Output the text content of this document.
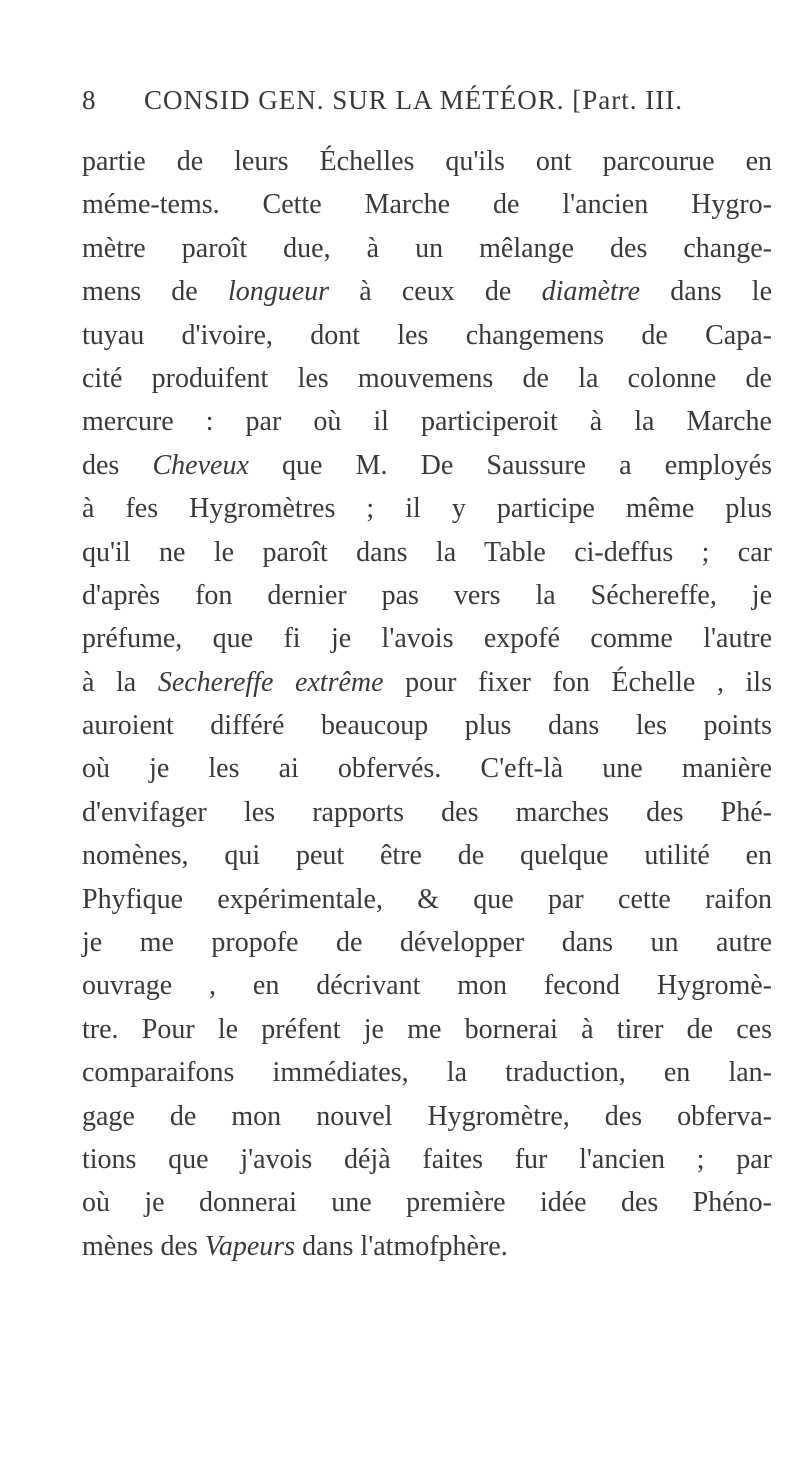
8 CONSID GEN. SUR LA MÉTÉOR. [Part. III.
partie de leurs Échelles qu'ils ont parcourue en
méme-tems. Cette Marche de l'ancien Hygro-
mètre paroît due, à un mêlange des change-
mens de longueur à ceux de diamètre dans le
tuyau d'ivoire, dont les changemens de Capa-
cité produifent les mouvemens de la colonne de
mercure : par où il participeroit à la Marche
des Cheveux que M. De Saussure a employés
à fes Hygromètres ; il y participe même plus
qu'il ne le paroît dans la Table ci-deffus ; car
d'après fon dernier pas vers la Séchereffe, je
préfume, que fi je l'avois expofé comme l'autre
à la Sechereffe extrême pour fixer fon Échelle , ils
auroient différé beaucoup plus dans les points
où je les ai obfervés. C'eft-là une manière
d'envifager les rapports des marches des Phé-
nomènes, qui peut être de quelque utilité en
Phyfique expérimentale, & que par cette raifon
je me propofe de développer dans un autre
ouvrage , en décrivant mon fecond Hygromè-
tre. Pour le préfent je me bornerai à tirer de ces
comparaifons immédiates, la traduction, en lan-
gage de mon nouvel Hygromètre, des obferva-
tions que j'avois déjà faites fur l'ancien ; par
où je donnerai une première idée des Phéno-
mènes des Vapeurs dans l'atmofphère.
